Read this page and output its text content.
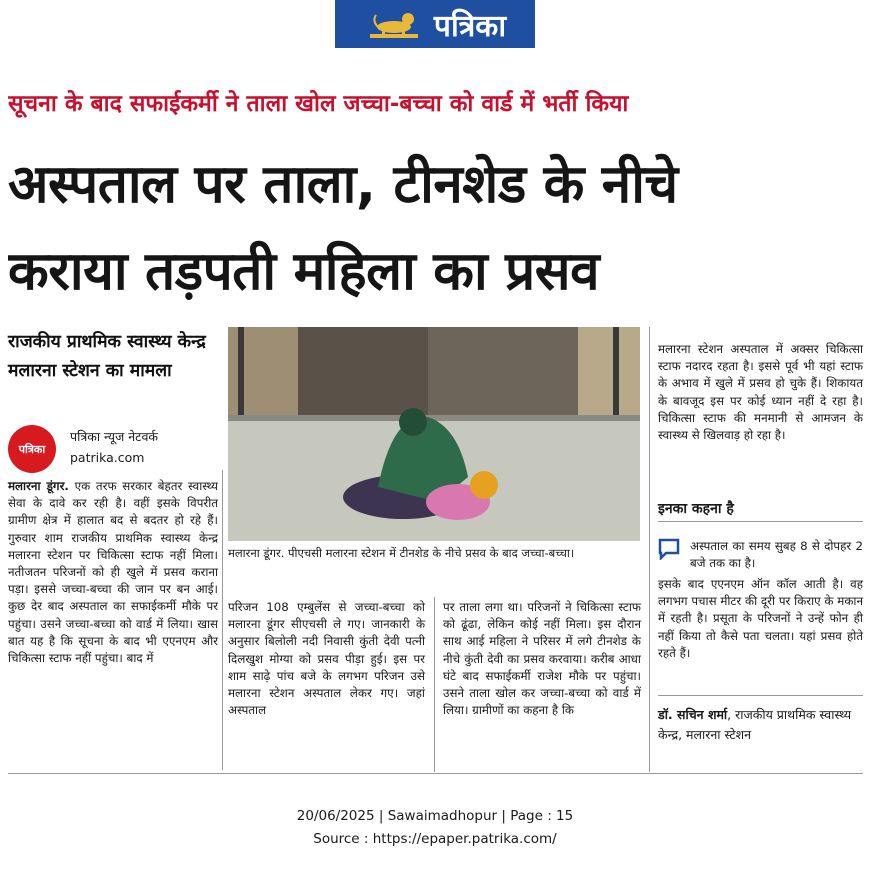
पत्रिका
सूचना के बाद सफाईकर्मी ने ताला खोल जच्चा-बच्चा को वार्ड में भर्ती किया
अस्पताल पर ताला, टीनशेड के नीचे
कराया तड़पती महिला का प्रसव
राजकीय प्राथमिक स्वास्थ्य केन्द्र मलारना स्टेशन का मामला
पत्रिका
पत्रिका न्यूज नेटवर्क
patrika.com
मलारना डूंगर. एक तरफ सरकार बेहतर स्वास्थ्य सेवा के दावे कर रही है। वहीं इसके विपरीत ग्रामीण क्षेत्र में हालात बद से बदतर हो रहे हैं। गुरुवार शाम राजकीय प्राथमिक स्वास्थ्य केन्द्र मलारना स्टेशन पर चिकित्सा स्टाफ नहीं मिला। नतीजतन परिजनों को ही खुले में प्रसव कराना पड़ा। इससे जच्चा-बच्चा की जान पर बन आई। कुछ देर बाद अस्पताल का सफाईकर्मी मौके पर पहुंचा। उसने जच्चा-बच्चा को वार्ड में लिया। खास बात यह है कि सूचना के बाद भी एएनएम और चिकित्सा स्टाफ नहीं पहुंचा। बाद में
मलारना डूंगर. पीएचसी मलारना स्टेशन में टीनशेड के नीचे प्रसव के बाद जच्चा-बच्चा।
परिजन 108 एम्बुलेंस से जच्चा-बच्चा को मलारना डूंगर सीएचसी ले गए। जानकारी के अनुसार बिलोली नदी निवासी कुंती देवी पत्नी दिलखुश मोग्या को प्रसव पीड़ा हुई। इस पर शाम साढ़े पांच बजे के लगभग परिजन उसे मलारना स्टेशन अस्पताल लेकर गए। जहां अस्पताल
पर ताला लगा था। परिजनों ने चिकित्सा स्टाफ को ढूंढा, लेकिन कोई नहीं मिला। इस दौरान साथ आई महिला ने परिसर में लगे टीनशेड के नीचे कुंती देवी का प्रसव करवाया। करीब आधा घंटे बाद सफाईकर्मी राजेश मौके पर पहुंचा। उसने ताला खोल कर जच्चा-बच्चा को वार्ड में लिया। ग्रामीणों का कहना है कि
मलारना स्टेशन अस्पताल में अक्सर चिकित्सा स्टाफ नदारद रहता है। इससे पूर्व भी यहां स्टाफ के अभाव में खुले में प्रसव हो चुके हैं। शिकायत के बावजूद इस पर कोई ध्यान नहीं दे रहा है। चिकित्सा स्टाफ की मनमानी से आमजन के स्वास्थ्य से खिलवाड़ हो रहा है।
इनका कहना है
अस्पताल का समय सुबह 8 से दोपहर 2 बजे तक का है।
इसके बाद एएनएम ऑन कॉल आती है। वह लगभग पचास मीटर की दूरी पर किराए के मकान में रहती है। प्रसूता के परिजनों ने उन्हें फोन ही नहीं किया तो कैसे पता चलता। यहां प्रसव होते रहते हैं।
डॉ. सचिन शर्मा, राजकीय प्राथमिक स्वास्थ्य केन्द्र, मलारना स्टेशन
20/06/2025 | Sawaimadhopur | Page : 15
Source : https://epaper.patrika.com/
